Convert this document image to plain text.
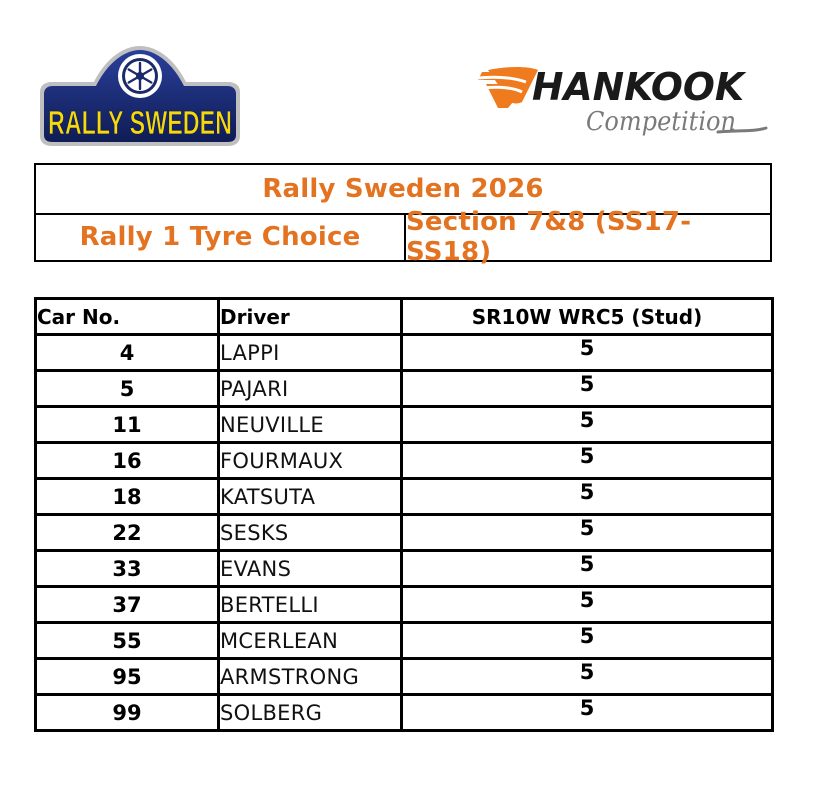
RALLY SWEDEN
HANKOOK
Competition
Rally Sweden 2026
Rally 1 Tyre Choice Section 7&8 (SS17-SS18)
Car No.	Driver	SR10W WRC5 (Stud)
4	LAPPI	5
5	PAJARI	5
11	NEUVILLE	5
16	FOURMAUX	5
18	KATSUTA	5
22	SESKS	5
33	EVANS	5
37	BERTELLI	5
55	MCERLEAN	5
95	ARMSTRONG	5
99	SOLBERG	5
